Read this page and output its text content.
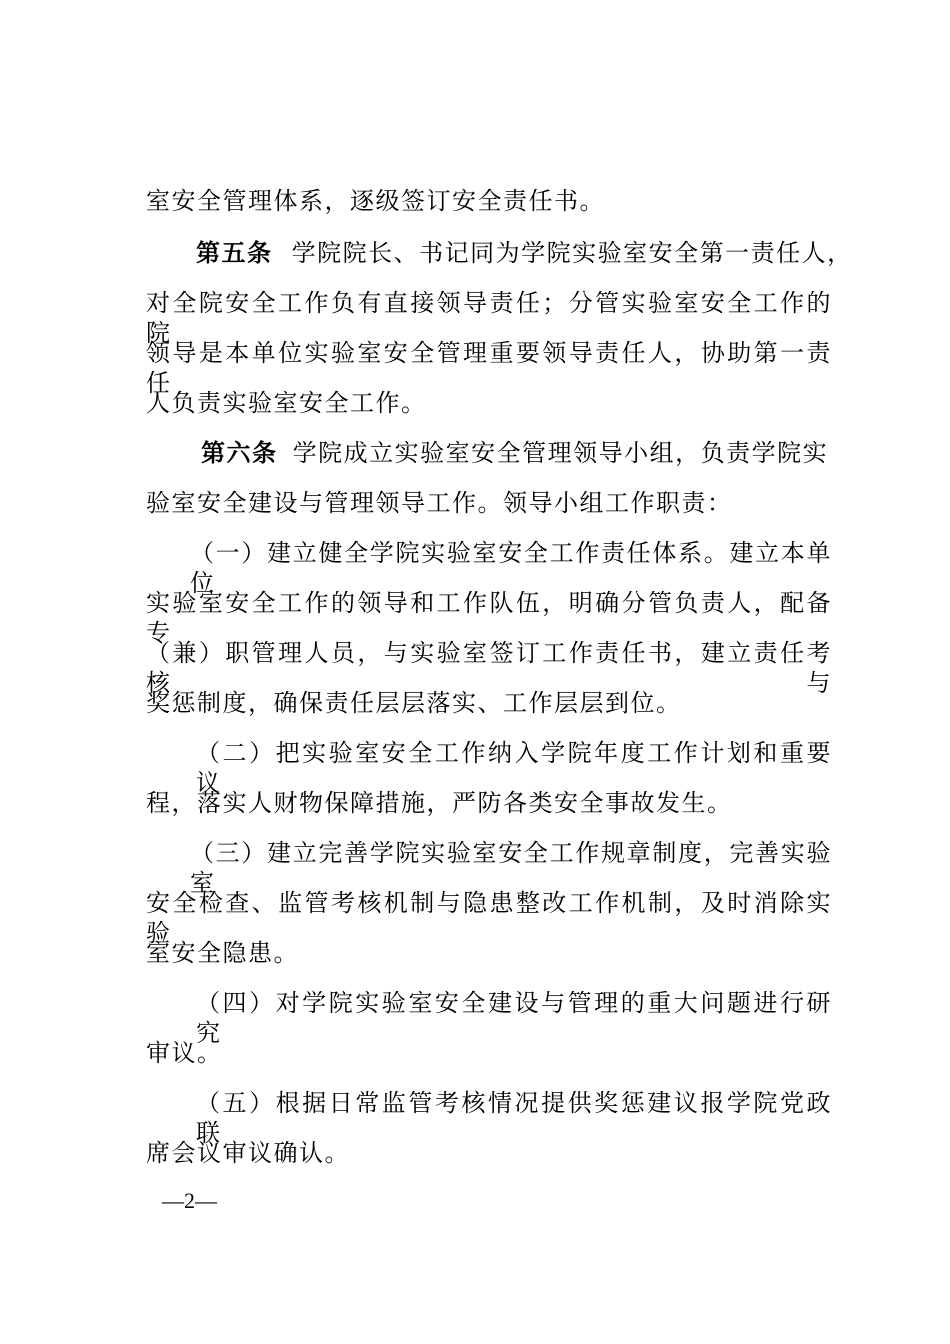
室安全管理体系，逐级签订安全责任书。
第五条 学院院长、书记同为学院实验室安全第一责任人，
对全院安全工作负有直接领导责任；分管实验室安全工作的院
领导是本单位实验室安全管理重要领导责任人，协助第一责任
人负责实验室安全工作。
第六条 学院成立实验室安全管理领导小组，负责学院实
验室安全建设与管理领导工作。领导小组工作职责：
（一）建立健全学院实验室安全工作责任体系。建立本单位
实验室安全工作的领导和工作队伍，明确分管负责人，配备专
（兼）职管理人员，与实验室签订工作责任书，建立责任考核与
奖惩制度，确保责任层层落实、工作层层到位。
（二）把实验室安全工作纳入学院年度工作计划和重要议
程，落实人财物保障措施，严防各类安全事故发生。
（三）建立完善学院实验室安全工作规章制度，完善实验室
安全检查、监管考核机制与隐患整改工作机制，及时消除实验
室安全隐患。
（四）对学院实验室安全建设与管理的重大问题进行研究
审议。
（五）根据日常监管考核情况提供奖惩建议报学院党政联
席会议审议确认。
—2—
